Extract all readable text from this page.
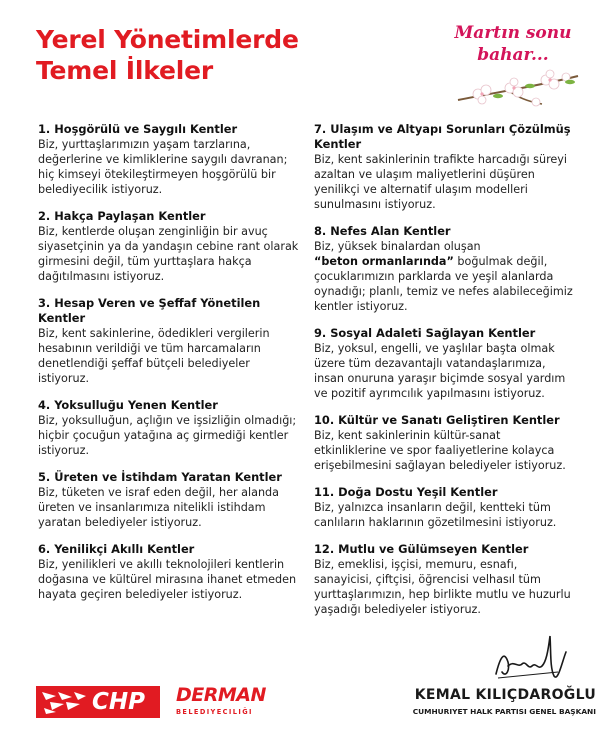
Yerel Yönetimlerde
Temel İlkeler
Martın sonu
bahar...
1. Hoşgörülü ve Saygılı Kentler

Biz, yurttaşlarımızın yaşam tarzlarına, değerlerine ve kimliklerine saygılı davranan; hiç kimseyi ötekileştirmeyen hoşgörülü bir belediyecilik istiyoruz.

2. Hakça Paylaşan Kentler

Biz, kentlerde oluşan zenginliğin bir avuç siyasetçinin ya da yandaşın cebine rant olarak girmesini değil, tüm yurttaşlara hakça dağıtılmasını istiyoruz.

3. Hesap Veren ve Şeffaf Yönetilen Kentler

Biz, kent sakinlerine, ödedikleri vergilerin hesabının verildiği ve tüm harcamaların denetlendiği şeffaf bütçeli belediyeler istiyoruz.

4. Yoksulluğu Yenen Kentler

Biz, yoksulluğun, açlığın ve işsizliğin olmadığı; hiçbir çocuğun yatağına aç girmediği kentler istiyoruz.

5. Üreten ve İstihdam Yaratan Kentler

Biz, tüketen ve israf eden değil, her alanda üreten ve insanlarımıza nitelikli istihdam yaratan belediyeler istiyoruz.

6. Yenilikçi Akıllı Kentler

Biz, yenilikleri ve akıllı teknolojileri kentlerin doğasına ve kültürel mirasına ihanet etmeden hayata geçiren belediyeler istiyoruz.

7. Ulaşım ve Altyapı Sorunları Çözülmüş Kentler

Biz, kent sakinlerinin trafikte harcadığı süreyi azaltan ve ulaşım maliyetlerini düşüren yenilikçi ve alternatif ulaşım modelleri sunulmasını istiyoruz.

8. Nefes Alan Kentler

Biz, yüksek binalardan oluşan
“beton ormanlarında” boğulmak değil, çocuklarımızın parklarda ve yeşil alanlarda oynadığı; planlı, temiz ve nefes alabileceğimiz kentler istiyoruz.

9. Sosyal Adaleti Sağlayan Kentler

Biz, yoksul, engelli, ve yaşlılar başta olmak üzere tüm dezavantajlı vatandaşlarımıza, insan onuruna yaraşır biçimde sosyal yardım ve pozitif ayrımcılık yapılmasını istiyoruz.

10. Kültür ve Sanatı Geliştiren Kentler

Biz, kent sakinlerinin kültür-sanat etkinliklerine ve spor faaliyetlerine kolayca erişebilmesini sağlayan belediyeler istiyoruz.

11. Doğa Dostu Yeşil Kentler

Biz, yalnızca insanların değil, kentteki tüm canlıların haklarının gözetilmesini istiyoruz.

12. Mutlu ve Gülümseyen Kentler

Biz, emeklisi, işçisi, memuru, esnafı, sanayicisi, çiftçisi, öğrencisi velhasıl tüm yurttaşlarımızın, hep birlikte mutlu ve huzurlu yaşadığı belediyeler istiyoruz.

KEMAL KILIÇDAROĞLU
CUMHURIYET HALK PARTISI GENEL BAŞKANI
CHP DERMAN
BELEDIYECILIĞI
